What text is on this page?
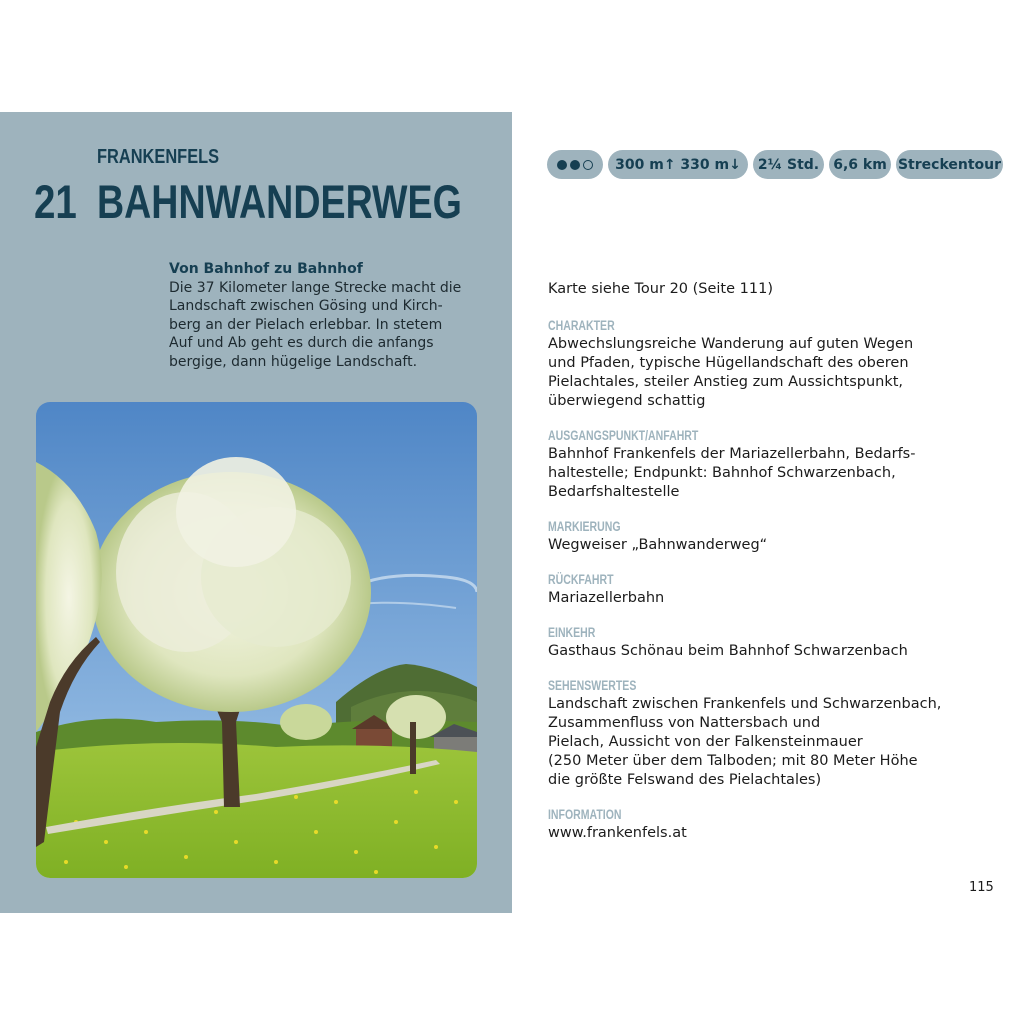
FRANKENFELS
21 BAHNWANDERWEG
Von Bahnhof zu Bahnhof
Die 37 Kilometer lange Strecke macht die
Landschaft zwischen Gösing und Kirch-
berg an der Pielach erlebbar. In stetem
Auf und Ab geht es durch die anfangs
bergige, dann hügelige Landschaft.
300 m↑ 330 m↓	2¼ Std.	6,6 km Streckentour
Karte siehe Tour 20 (Seite 111)
CHARAKTER
Abwechslungsreiche Wanderung auf guten Wegen
und Pfaden, typische Hügellandschaft des oberen
Pielachtales, steiler Anstieg zum Aussichtspunkt,
überwiegend schattig
AUSGANGSPUNKT/ANFAHRT
Bahnhof Frankenfels der Mariazellerbahn, Bedarfs-
haltestelle; Endpunkt: Bahnhof Schwarzenbach,
Bedarfshaltestelle
MARKIERUNG
Wegweiser „Bahnwanderweg“
RÜCKFAHRT
Mariazellerbahn
EINKEHR
Gasthaus Schönau beim Bahnhof Schwarzenbach
SEHENSWERTES
Landschaft zwischen Frankenfels und Schwarzenbach,
Zusammenfluss von Nattersbach und
Pielach, Aussicht von der Falkensteinmauer
(250 Meter über dem Talboden; mit 80 Meter Höhe
die größte Felswand des Pielachtales)
INFORMATION
www.frankenfels.at
115
